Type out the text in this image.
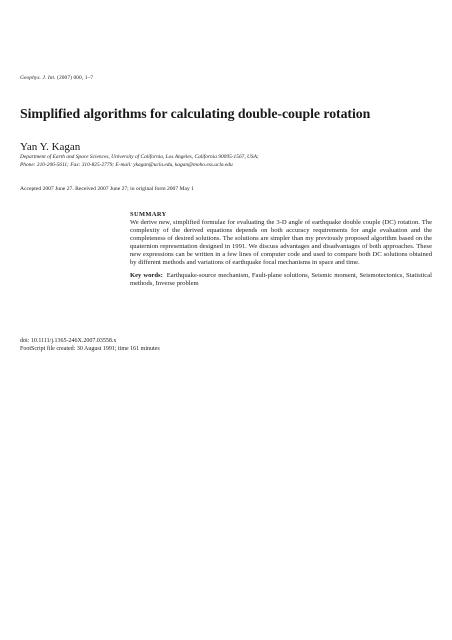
Geophys. J. Int. (2007) 000, 1–7
Simplified algorithms for calculating double-couple rotation
Yan Y. Kagan
Department of Earth and Space Sciences, University of California, Los Angeles, California 90095-1567, USA;
Phone: 310-206-5611; Fax: 310-825-2779; E-mail: ykagan@ucla.edu, kagan@moho.ess.ucla.edu
Accepted 2007 June 27. Received 2007 June 27; in original form 2007 May 1
SUMMARY

We derive new, simplified formulae for evaluating the 3-D angle of earthquake double couple (DC) rotation. The complexity of the derived equations depends on both accuracy requirements for angle evaluation and the completeness of desired solutions. The solutions are simpler than my previously proposed algorithm based on the quaternion representation designed in 1991. We discuss advantages and disadvantages of both approaches. These new expressions can be written in a few lines of computer code and used to compare both DC solutions obtained by different methods and variations of earthquake focal mechanisms in space and time.

Key words: Earthquake-source mechanism, Fault-plane solutions, Seismic moment, Seismotectonics, Statistical methods, Inverse problem
doi: 10.1111/j.1365-246X.2007.03558.x
FootScript file created: 30 August 1991; time 161 minutes
